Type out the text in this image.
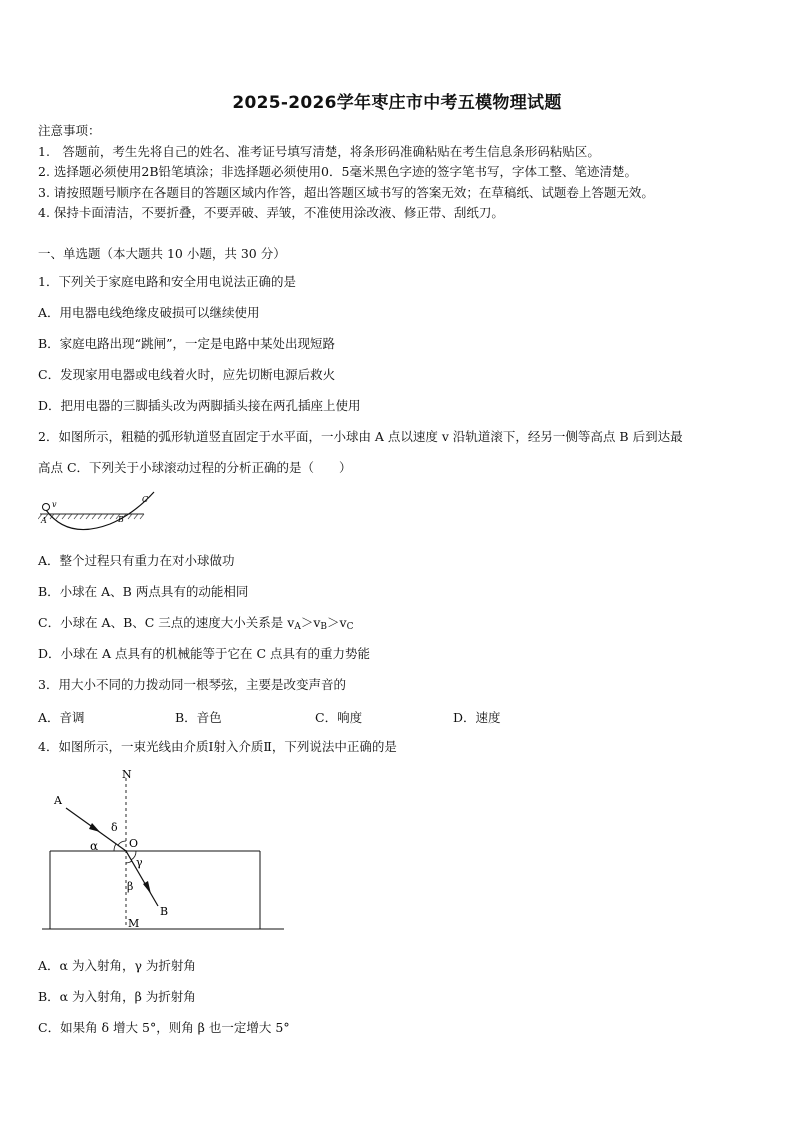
2025-2026学年枣庄市中考五模物理试题
注意事项：
1.　答题前，考生先将自己的姓名、准考证号填写清楚，将条形码准确粘贴在考生信息条形码粘贴区。
2. 选择题必须使用2B铅笔填涂；非选择题必须使用0．5毫米黑色字迹的签字笔书写，字体工整、笔迹清楚。
3. 请按照题号顺序在各题目的答题区域内作答，超出答题区域书写的答案无效；在草稿纸、试题卷上答题无效。
4. 保持卡面清洁，不要折叠，不要弄破、弄皱，不准使用涂改液、修正带、刮纸刀。
一、单选题（本大题共 10 小题，共 30 分）
1．下列关于家庭电路和安全用电说法正确的是
A．用电器电线绝缘皮破损可以继续使用
B．家庭电路出现“跳闸”，一定是电路中某处出现短路
C．发现家用电器或电线着火时，应先切断电源后救火
D．把用电器的三脚插头改为两脚插头接在两孔插座上使用
2．如图所示，粗糙的弧形轨道竖直固定于水平面，一小球由 A 点以速度 v 沿轨道滚下，经另一侧等高点 B 后到达最
高点 C．下列关于小球滚动过程的分析正确的是（　　）
A
v
B
C
A．整个过程只有重力在对小球做功
B．小球在 A、B 两点具有的动能相同
C．小球在 A、B、C 三点的速度大小关系是 $v_A>v_B>v_C$
D．小球在 A 点具有的机械能等于它在 C 点具有的重力势能
3．用大小不同的力拨动同一根琴弦，主要是改变声音的
A．音调	B．音色	C．响度	D．速度
4．如图所示，一束光线由介质Ⅰ射入介质Ⅱ，下列说法中正确的是
N
A
δ
O
α
γ
β
B
M
A．α 为入射角，γ 为折射角
B．α 为入射角，β 为折射角
C．如果角 δ 增大 5°，则角 β 也一定增大 5°
